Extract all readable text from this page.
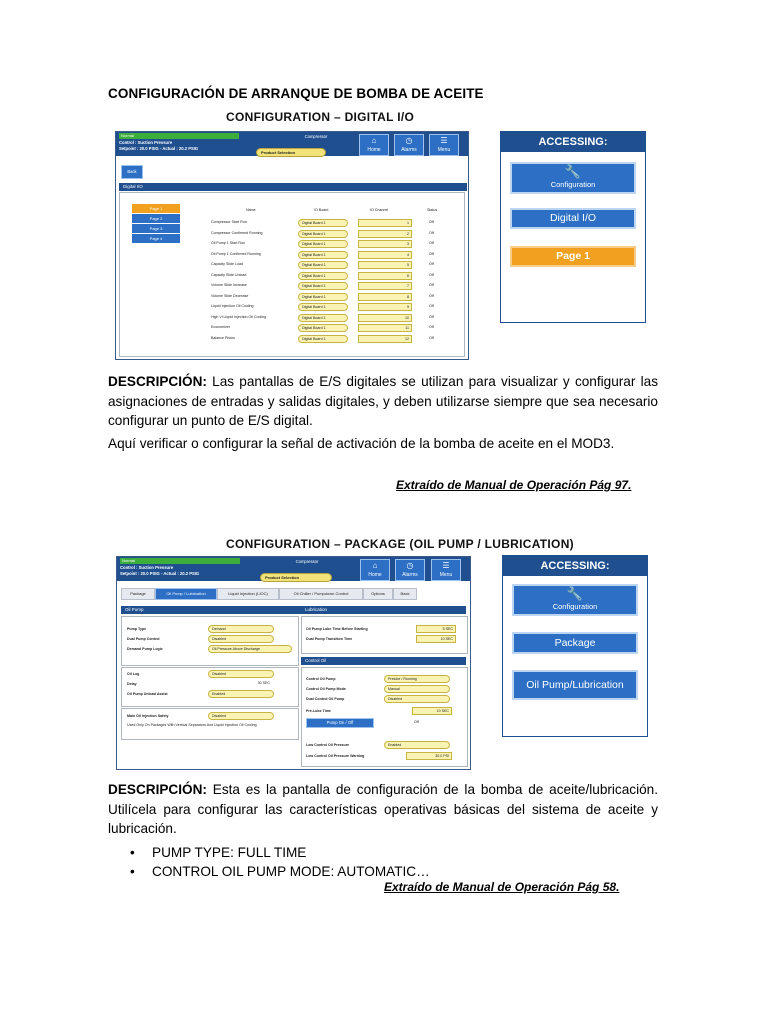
CONFIGURACIÓN DE ARRANQUE DE BOMBA DE ACEITE
CONFIGURATION – DIGITAL I/O
Normal
Control : Suction Pressure
Setpoint : 20.0 PSIG - Actual : 20.2 PSIG
Compressor
Product Selection
⌂
Home
◷
Alarms
☰
Menu
Back
Digital I/O
Page 1
Page 2
Page 3
Page 4
Name	IO Board	IO Channel	Status
Compressor Start Run	Digital Board 1	1	Off
Compressor Confirmed Running	Digital Board 1	2	Off
Oil Pump 1 Start Run	Digital Board 1	3	Off
Oil Pump 1 Confirmed Running	Digital Board 1	4	Off
Capacity Slide Load	Digital Board 1	5	Off
Capacity Slide Unload	Digital Board 1	6	Off
Volume Slide Increase	Digital Board 1	7	Off
Volume Slide Decrease	Digital Board 1	8	Off
Liquid Injection Oil Cooling	Digital Board 1	9	Off
High Vi Liquid Injection Oil Cooling	Digital Board 1	10	Off
Economizer	Digital Board 1	11	Off
Balance Piston	Digital Board 1	12	Off
ACCESSING:
🔧
Configuration
Digital I/O
Page 1
DESCRIPCIÓN: Las pantallas de E/S digitales se utilizan para visualizar y configurar las asignaciones de entradas y salidas digitales, y deben utilizarse siempre que sea necesario configurar un punto de E/S digital.
Aquí verificar o configurar la señal de activación de la bomba de aceite en el MOD3.
Extraído de Manual de Operación Pág 97.
CONFIGURATION – PACKAGE (OIL PUMP / LUBRICATION)
Normal
Control : Suction Pressure
Setpoint : 20.0 PSIG - Actual : 20.2 PSIG
Compressor
Product Selection
⌂
Home
◷
Alarms
☰
Menu
Package	Oil Pump / Lubrication	Liquid Injection (LIOC)	Oil Chiller / Pumpdown Control	Options	Back
Oil Pump
Pump Type	Demand
Dual Pump Control	Disabled
Demand Pump Logic	Oil Pressure Above Discharge
Oil Log	Disabled
Delay	30 SEC
Oil Pump Unload Assist	Enabled
Main Oil Injection Safety	Disabled
Used Only On Packages With Vertical Separators And Liquid Injection Oil Cooling
Lubrication
Oil Pump Lube Time Before Starting	5 SEC
Dual Pump Transition Time	10 SEC
Control Oil
Control Oil Pump	Prelube / Running
Control Oil Pump Mode	Manual
Dual Control Oil Pump	Disabled
Pre-Lube Time	10 SEC
Pump On / Off	Off
Low Control Oil Pressure	Enabled
Low Control Oil Pressure Warning	30.0 PSI
ACCESSING:
🔧
Configuration
Package
Oil Pump/Lubrication
DESCRIPCIÓN: Esta es la pantalla de configuración de la bomba de aceite/lubricación. Utilícela para configurar las características operativas básicas del sistema de aceite y lubricación.
• PUMP TYPE: FULL TIME
• CONTROL OIL PUMP MODE: AUTOMATIC…
Extraído de Manual de Operación Pág 58.
